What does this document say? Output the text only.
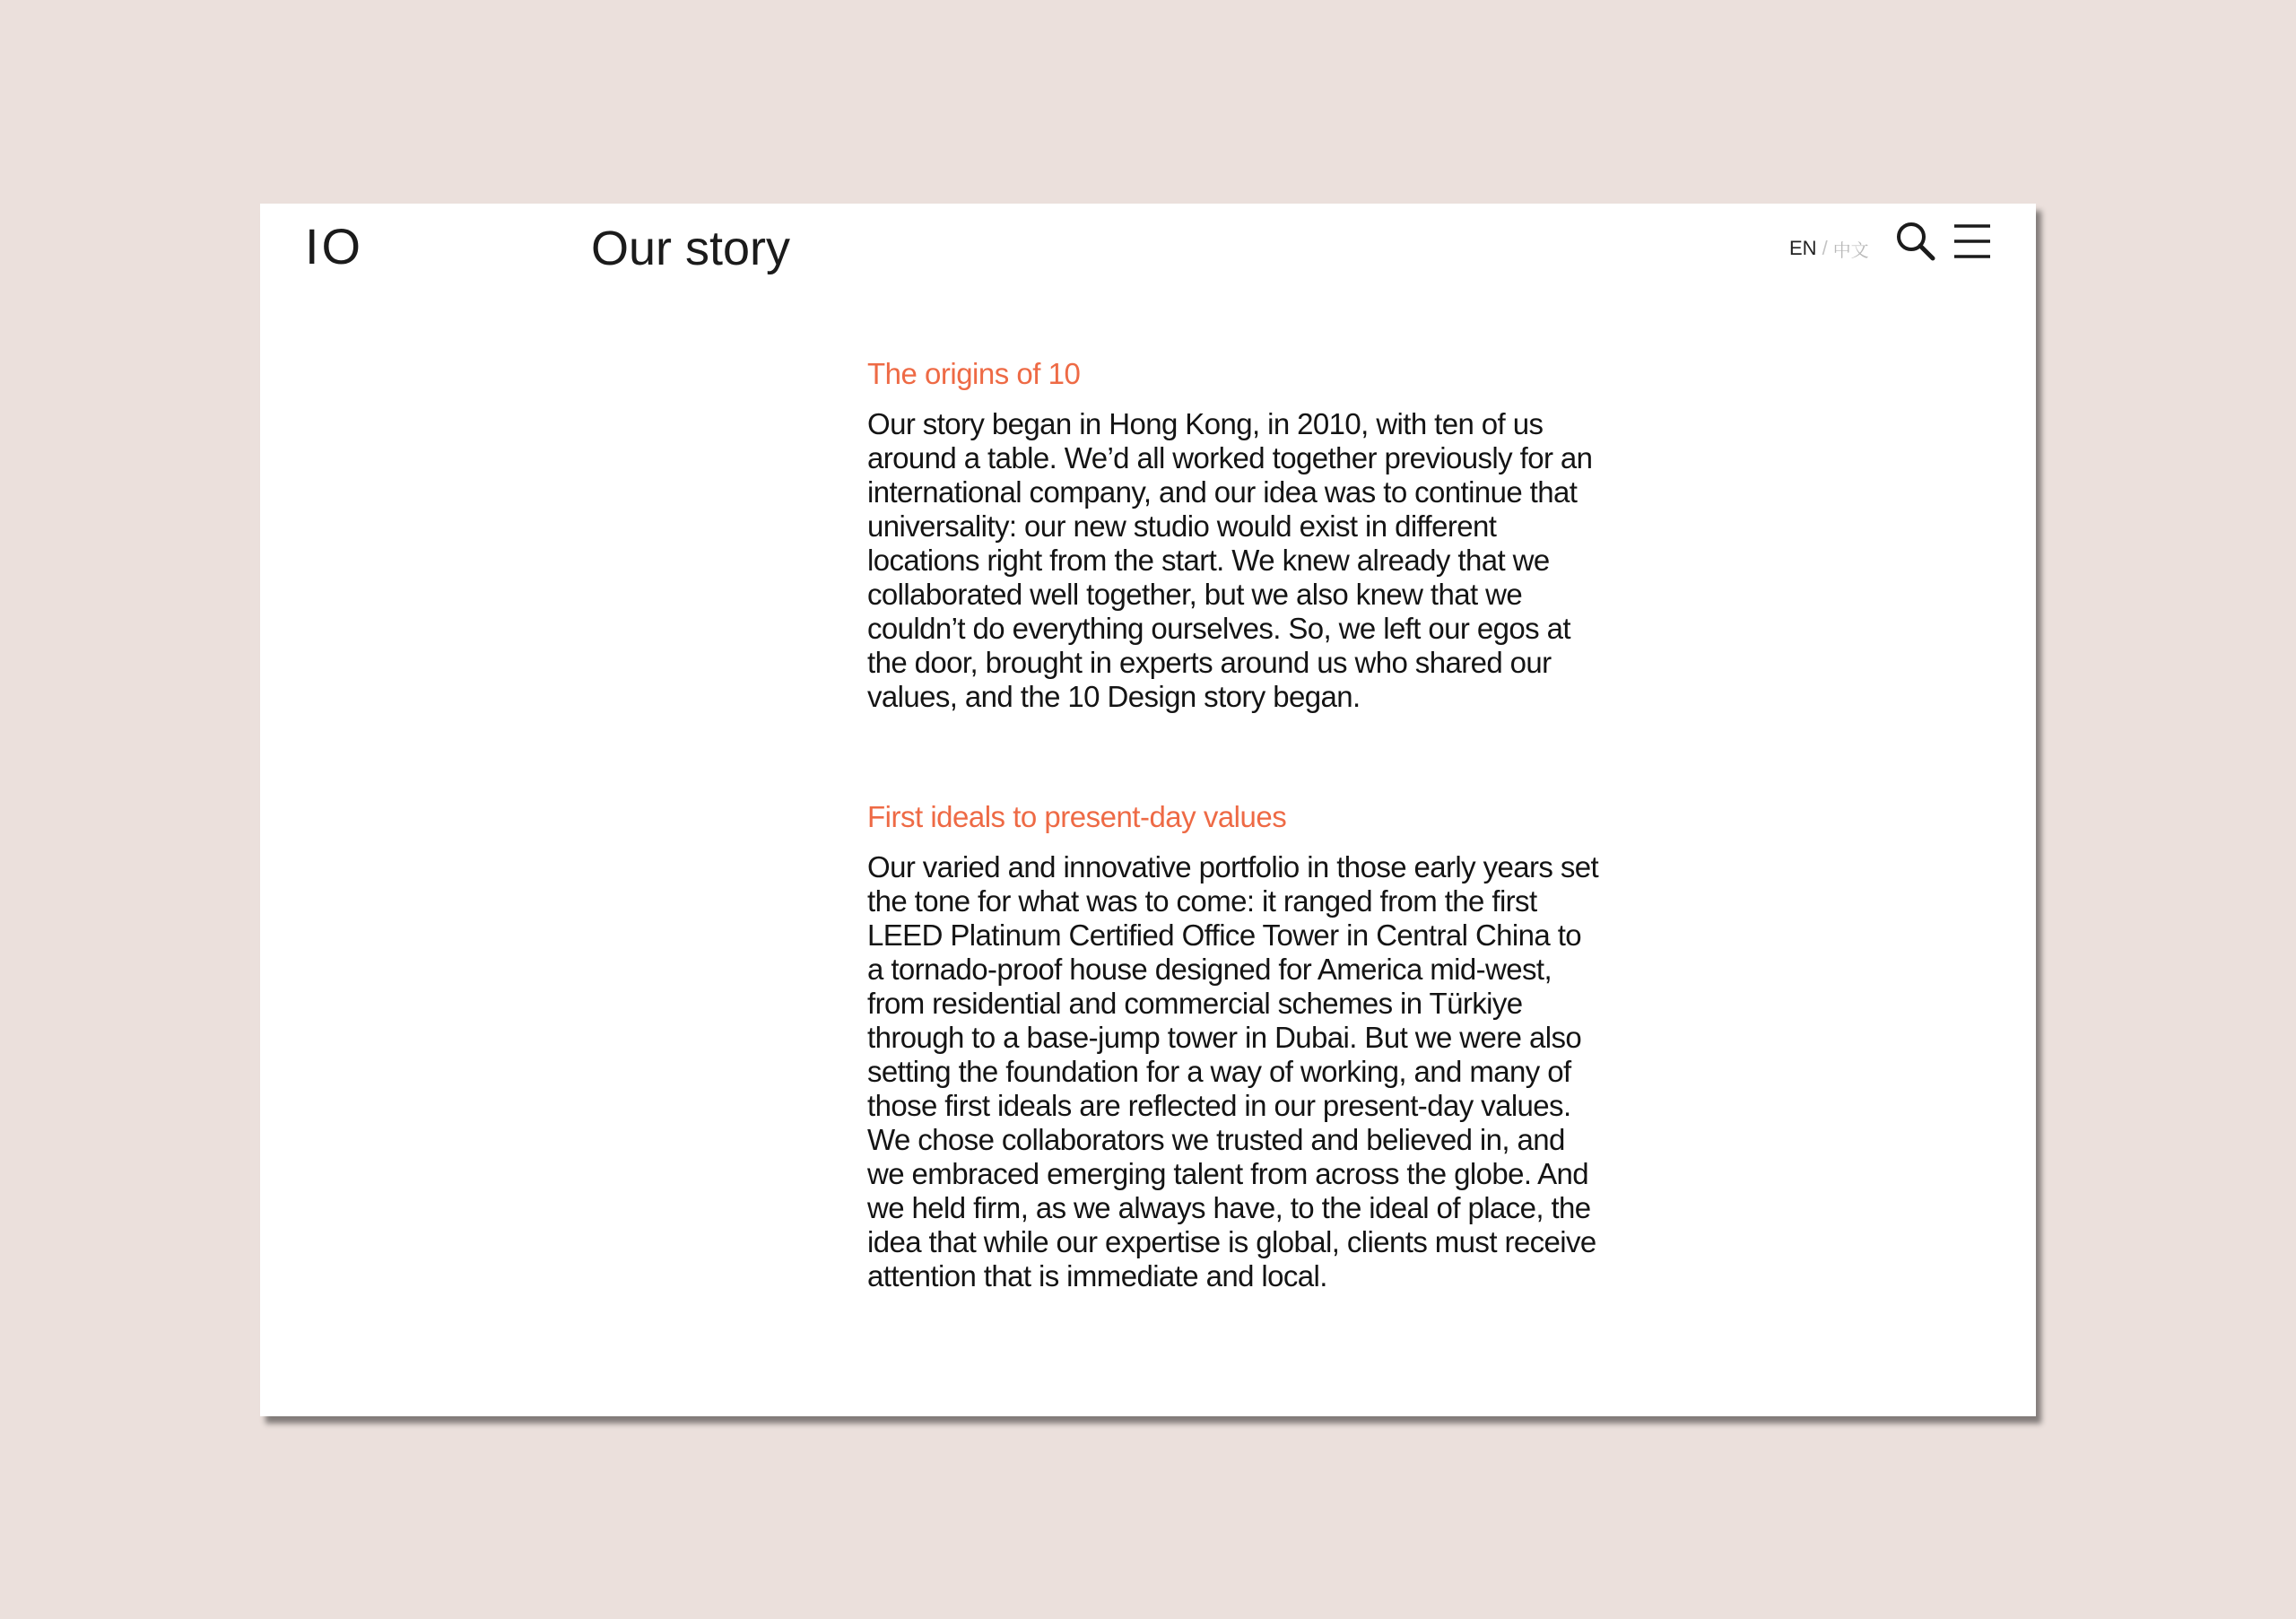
IO	Our story	EN / 中文
The origins of 10

Our story began in Hong Kong, in 2010, with ten of us around a table. We’d all worked together previously for an international company, and our idea was to continue that universality: our new studio would exist in different locations right from the start. We knew already that we collaborated well together, but we also knew that we couldn’t do everything ourselves. So, we left our egos at the door, brought in experts around us who shared our values, and the 10 Design story began.

First ideals to present-day values

Our varied and innovative portfolio in those early years set the tone for what was to come: it ranged from the first LEED Platinum Certified Office Tower in Central China to a tornado-proof house designed for America mid-west, from residential and commercial schemes in Türkiye through to a base-jump tower in Dubai. But we were also setting the foundation for a way of working, and many of those first ideals are reflected in our present-day values. We chose collaborators we trusted and believed in, and we embraced emerging talent from across the globe. And we held firm, as we always have, to the ideal of place, the idea that while our expertise is global, clients must receive attention that is immediate and local.
